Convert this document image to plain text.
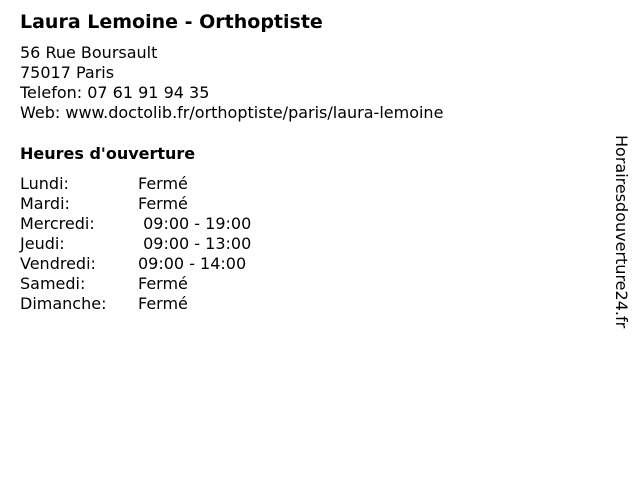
Laura Lemoine - Orthoptiste
56 Rue Boursault
75017 Paris
Telefon: 07 61 91 94 35
Web: www.doctolib.fr/orthoptiste/paris/laura-lemoine
Heures d'ouverture
Lundi:	Fermé
Mardi:	Fermé
Mercredi:	09:00 - 19:00
Jeudi:	09:00 - 13:00
Vendredi:	09:00 - 14:00
Samedi:	Fermé
Dimanche:	Fermé	Horairesdouverture24.fr
